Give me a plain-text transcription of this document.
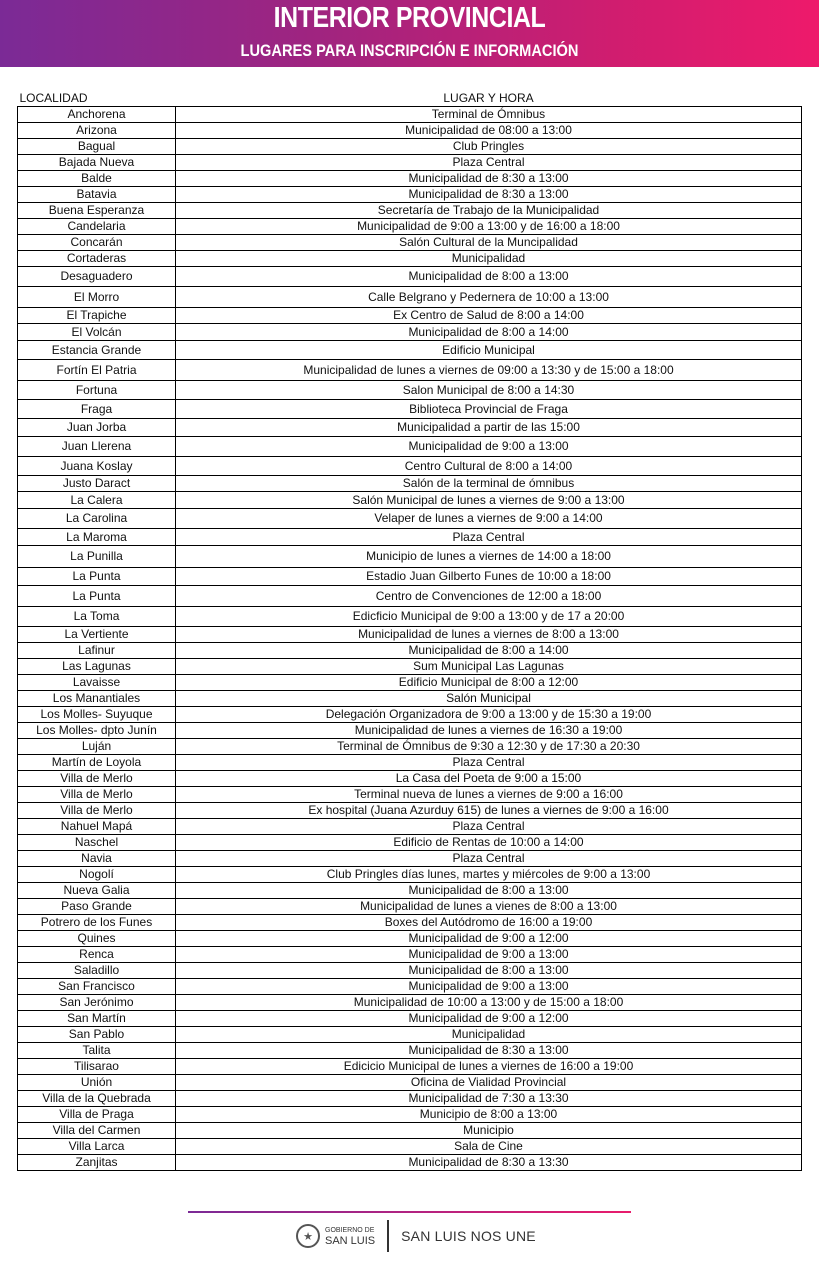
INTERIOR PROVINCIAL
LUGARES PARA INSCRIPCIÓN E INFORMACIÓN
LOCALIDAD	LUGAR Y HORA
Anchorena	Terminal de Ómnibus
Arizona	Municipalidad de 08:00 a 13:00
Bagual	Club Pringles
Bajada Nueva	Plaza Central
Balde	Municipalidad de 8:30 a 13:00
Batavia	Municipalidad de 8:30 a 13:00
Buena Esperanza	Secretaría de Trabajo de la Municipalidad
Candelaria	Municipalidad de 9:00 a 13:00 y de 16:00 a 18:00
Concarán	Salón Cultural de la Muncipalidad
Cortaderas	Municipalidad
Desaguadero	Municipalidad de 8:00 a 13:00
El Morro	Calle Belgrano y Pedernera de 10:00 a 13:00
El Trapiche	Ex Centro de Salud de 8:00 a 14:00
El Volcán	Municipalidad de 8:00 a 14:00
Estancia Grande	Edificio Municipal
Fortín El Patria	Municipalidad de lunes a viernes de 09:00 a 13:30 y de 15:00 a 18:00
Fortuna	Salon Municipal de 8:00 a 14:30
Fraga	Biblioteca Provincial de Fraga
Juan Jorba	Municipalidad a partir de las 15:00
Juan Llerena	Municipalidad de 9:00 a 13:00
Juana Koslay	Centro Cultural de 8:00 a 14:00
Justo Daract	Salón de la terminal de ómnibus
La Calera	Salón Municipal de lunes a viernes de 9:00 a 13:00
La Carolina	Velaper de lunes a viernes de 9:00 a 14:00
La Maroma	Plaza Central
La Punilla	Municipio de lunes a viernes de 14:00 a 18:00
La Punta	Estadio Juan Gilberto Funes de 10:00 a 18:00
La Punta	Centro de Convenciones de 12:00 a 18:00
La Toma	Edicficio Municipal de 9:00 a 13:00 y de 17 a 20:00
La Vertiente	Municipalidad de lunes a viernes de 8:00 a 13:00
Lafinur	Municipalidad de 8:00 a 14:00
Las Lagunas	Sum Municipal Las Lagunas
Lavaisse	Edificio Municipal de 8:00 a 12:00
Los Manantiales	Salón Municipal
Los Molles- Suyuque	Delegación Organizadora de 9:00 a 13:00 y de 15:30 a 19:00
Los Molles- dpto Junín	Municipalidad de lunes a viernes de 16:30 a 19:00
Luján	Terminal de Ómnibus de 9:30 a 12:30 y de 17:30 a 20:30
Martín de Loyola	Plaza Central
Villa de Merlo	La Casa del Poeta de 9:00 a 15:00
Villa de Merlo	Terminal nueva de lunes a viernes de 9:00 a 16:00
Villa de Merlo	Ex hospital (Juana Azurduy 615) de lunes a viernes de 9:00 a 16:00
Nahuel Mapá	Plaza Central
Naschel	Edificio de Rentas de 10:00 a 14:00
Navia	Plaza Central
Nogolí	Club Pringles días lunes, martes y miércoles de 9:00 a 13:00
Nueva Galia	Municipalidad de 8:00 a 13:00
Paso Grande	Municipalidad de lunes a vienes de 8:00 a 13:00
Potrero de los Funes	Boxes del Autódromo de 16:00 a 19:00
Quines	Municipalidad de 9:00 a 12:00
Renca	Municipalidad de 9:00 a 13:00
Saladillo	Municipalidad de 8:00 a 13:00
San Francisco	Municipalidad de 9:00 a 13:00
San Jerónimo	Municipalidad de 10:00 a 13:00 y de 15:00 a 18:00
San Martín	Municipalidad de 9:00 a 12:00
San Pablo	Municipalidad
Talita	Municipalidad de 8:30 a 13:00
Tilisarao	Edicicio Municipal de lunes a viernes de 16:00 a 19:00
Unión	Oficina de Vialidad Provincial
Villa de la Quebrada	Municipalidad de 7:30 a 13:30
Villa de Praga	Municipio de 8:00 a 13:00
Villa del Carmen	Municipio
Villa Larca	Sala de Cine
Zanjitas	Municipalidad de 8:30 a 13:30
★	GOBIERNO DE
SAN LUIS SAN LUIS NOS UNE
